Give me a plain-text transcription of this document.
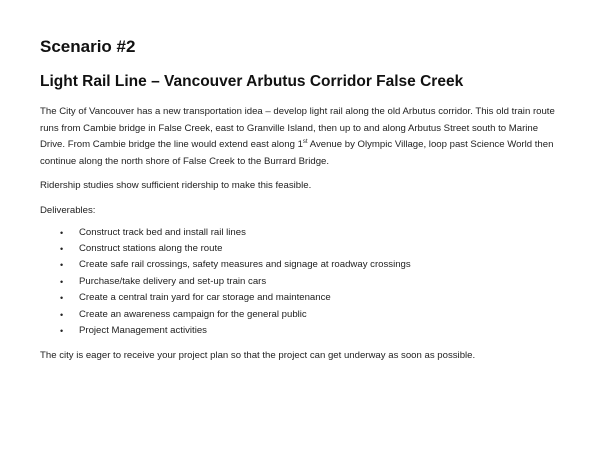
Scenario #2
Light Rail Line – Vancouver Arbutus Corridor False Creek

The City of Vancouver has a new transportation idea – develop light rail along the old Arbutus corridor. This old train route runs from Cambie bridge in False Creek, east to Granville Island, then up to and along Arbutus Street south to Marine Drive. From Cambie bridge the line would extend east along 1st Avenue by Olympic Village, loop past Science World then continue along the north shore of False Creek to the Burrard Bridge.

Ridership studies show sufficient ridership to make this feasible.

Deliverables:

• Construct track bed and install rail lines
• Construct stations along the route
• Create safe rail crossings, safety measures and signage at roadway crossings
• Purchase/take delivery and set-up train cars
• Create a central train yard for car storage and maintenance
• Create an awareness campaign for the general public
• Project Management activities

The city is eager to receive your project plan so that the project can get underway as soon as possible.
